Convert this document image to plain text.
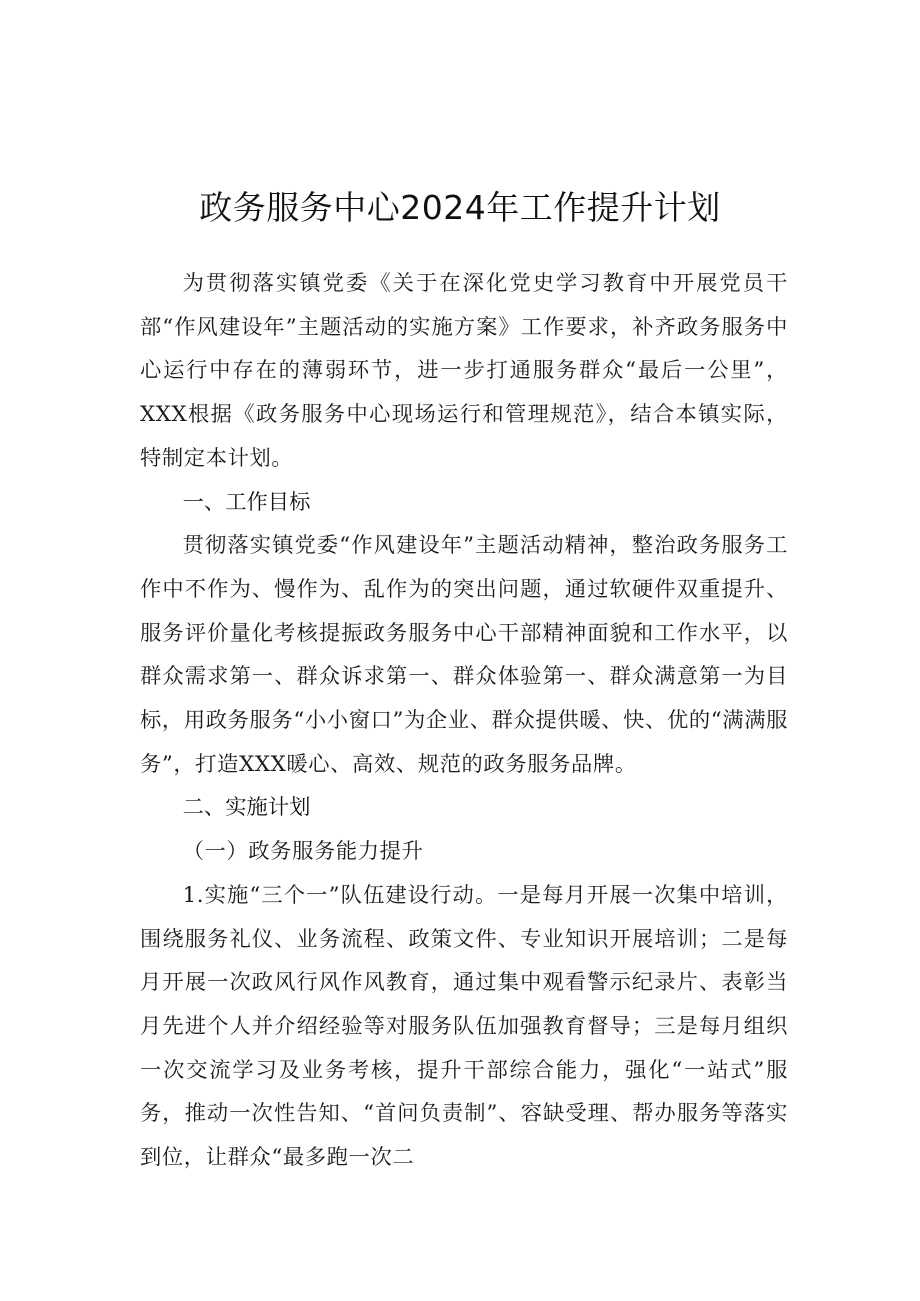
政务服务中心2024年工作提升计划

为贯彻落实镇党委《关于在深化党史学习教育中开展党员干部“作风建设年”主题活动的实施方案》工作要求，补齐政务服务中心运行中存在的薄弱环节，进一步打通服务群众“最后一公里”，XXX根据《政务服务中心现场运行和管理规范》，结合本镇实际，特制定本计划。

一、工作目标

贯彻落实镇党委“作风建设年”主题活动精神，整治政务服务工作中不作为、慢作为、乱作为的突出问题，通过软硬件双重提升、服务评价量化考核提振政务服务中心干部精神面貌和工作水平，以群众需求第一、群众诉求第一、群众体验第一、群众满意第一为目标，用政务服务“小小窗口”为企业、群众提供暖、快、优的“满满服务”，打造XXX暖心、高效、规范的政务服务品牌。

二、实施计划

（一）政务服务能力提升

1.实施“三个一”队伍建设行动。一是每月开展一次集中培训，围绕服务礼仪、业务流程、政策文件、专业知识开展培训；二是每月开展一次政风行风作风教育，通过集中观看警示纪录片、表彰当月先进个人并介绍经验等对服务队伍加强教育督导；三是每月组织一次交流学习及业务考核，提升干部综合能力，强化“一站式”服务，推动一次性告知、“首问负责制”、容缺受理、帮办服务等落实到位，让群众“最多跑一次二
